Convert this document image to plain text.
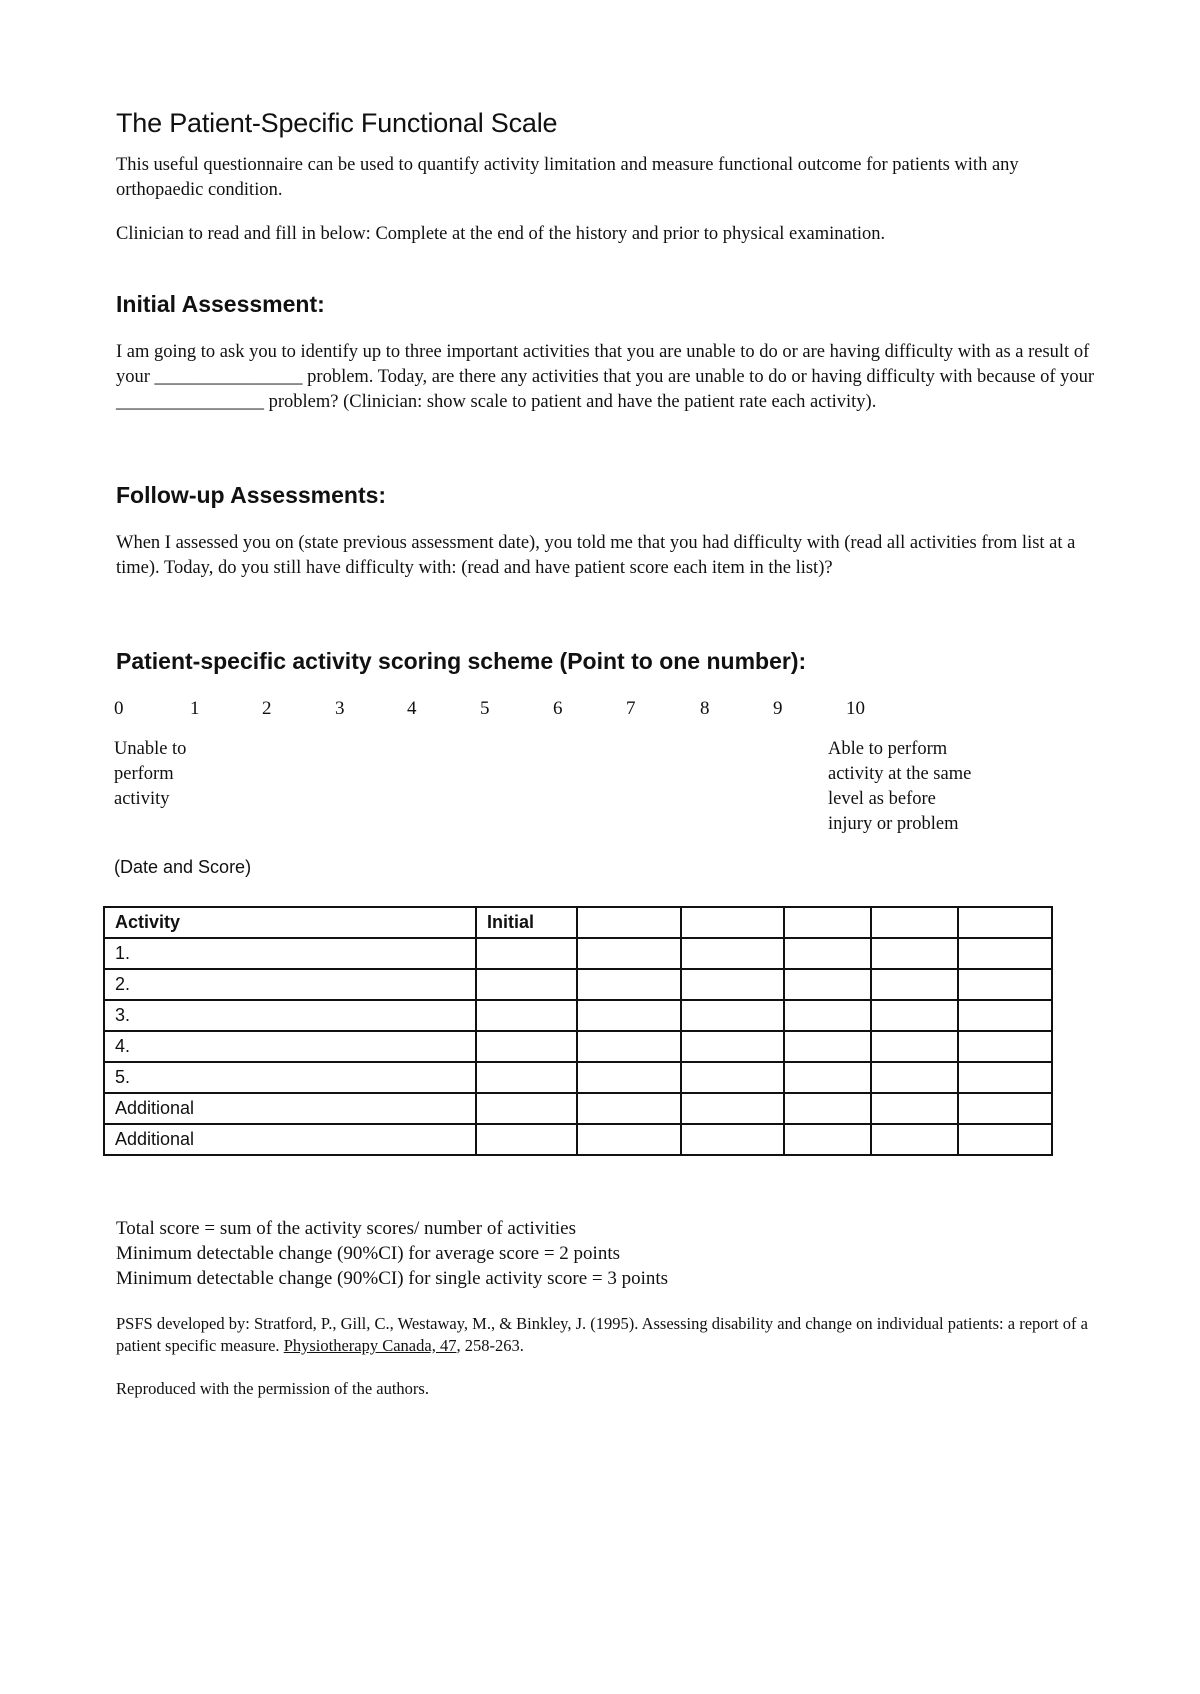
The Patient-Specific Functional Scale

This useful questionnaire can be used to quantify activity limitation and measure functional outcome for patients with any orthopaedic condition.

Clinician to read and fill in below: Complete at the end of the history and prior to physical examination.

Initial Assessment:

I am going to ask you to identify up to three important activities that you are unable to do or are having difficulty with as a result of your ________________ problem. Today, are there any activities that you are unable to do or having difficulty with because of your ________________ problem? (Clinician: show scale to patient and have the patient rate each activity).

Follow-up Assessments:

When I assessed you on (state previous assessment date), you told me that you had difficulty with (read all activities from list at a time). Today, do you still have difficulty with: (read and have patient score each item in the list)?

Patient-specific activity scoring scheme (Point to one number):
0	1	2	3	4	5	6	7	8	9	10
Unable to
perform
activity
Able to perform
activity at the same
level as before
injury or problem
(Date and Score)
Activity	Initial					
1.						
2.						
3.						
4.						
5.						
Additional						
Additional						
Total score = sum of the activity scores/ number of activities
Minimum detectable change (90%CI) for average score = 2 points
Minimum detectable change (90%CI) for single activity score = 3 points

PSFS developed by: Stratford, P., Gill, C., Westaway, M., & Binkley, J. (1995). Assessing disability and change on individual patients: a report of a patient specific measure. Physiotherapy Canada, 47, 258-263.

Reproduced with the permission of the authors.
